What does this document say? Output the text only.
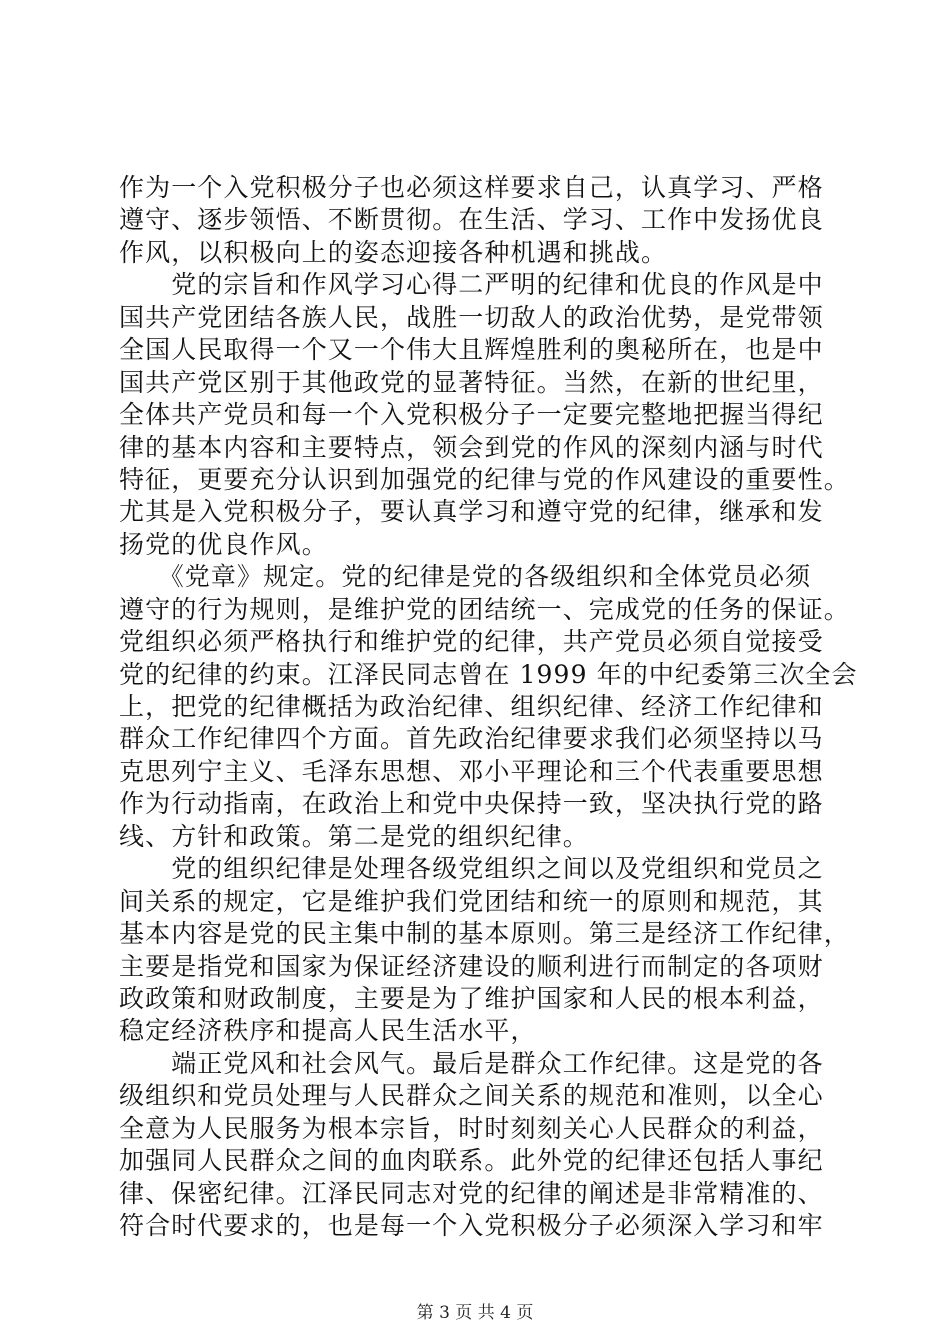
作为一个入党积极分子也必须这样要求自己，认真学习、严格
遵守、逐步领悟、不断贯彻。在生活、学习、工作中发扬优良
作风，以积极向上的姿态迎接各种机遇和挑战。
　　党的宗旨和作风学习心得二严明的纪律和优良的作风是中
国共产党团结各族人民，战胜一切敌人的政治优势，是党带领
全国人民取得一个又一个伟大且辉煌胜利的奥秘所在，也是中
国共产党区别于其他政党的显著特征。当然，在新的世纪里，
全体共产党员和每一个入党积极分子一定要完整地把握当得纪
律的基本内容和主要特点，领会到党的作风的深刻内涵与时代
特征，更要充分认识到加强党的纪律与党的作风建设的重要性。
尤其是入党积极分子，要认真学习和遵守党的纪律，继承和发
扬党的优良作风。
　　《党章》规定。党的纪律是党的各级组织和全体党员必须
遵守的行为规则，是维护党的团结统一、完成党的任务的保证。
党组织必须严格执行和维护党的纪律，共产党员必须自觉接受
党的纪律的约束。江泽民同志曾在 1999 年的中纪委第三次全会
上，把党的纪律概括为政治纪律、组织纪律、经济工作纪律和
群众工作纪律四个方面。首先政治纪律要求我们必须坚持以马
克思列宁主义、毛泽东思想、邓小平理论和三个代表重要思想
作为行动指南，在政治上和党中央保持一致，坚决执行党的路
线、方针和政策。第二是党的组织纪律。
　　党的组织纪律是处理各级党组织之间以及党组织和党员之
间关系的规定，它是维护我们党团结和统一的原则和规范，其
基本内容是党的民主集中制的基本原则。第三是经济工作纪律，
主要是指党和国家为保证经济建设的顺利进行而制定的各项财
政政策和财政制度，主要是为了维护国家和人民的根本利益，
稳定经济秩序和提高人民生活水平，
　　端正党风和社会风气。最后是群众工作纪律。这是党的各
级组织和党员处理与人民群众之间关系的规范和准则，以全心
全意为人民服务为根本宗旨，时时刻刻关心人民群众的利益，
加强同人民群众之间的血肉联系。此外党的纪律还包括人事纪
律、保密纪律。江泽民同志对党的纪律的阐述是非常精准的、
符合时代要求的，也是每一个入党积极分子必须深入学习和牢
第 3 页 共 4 页
